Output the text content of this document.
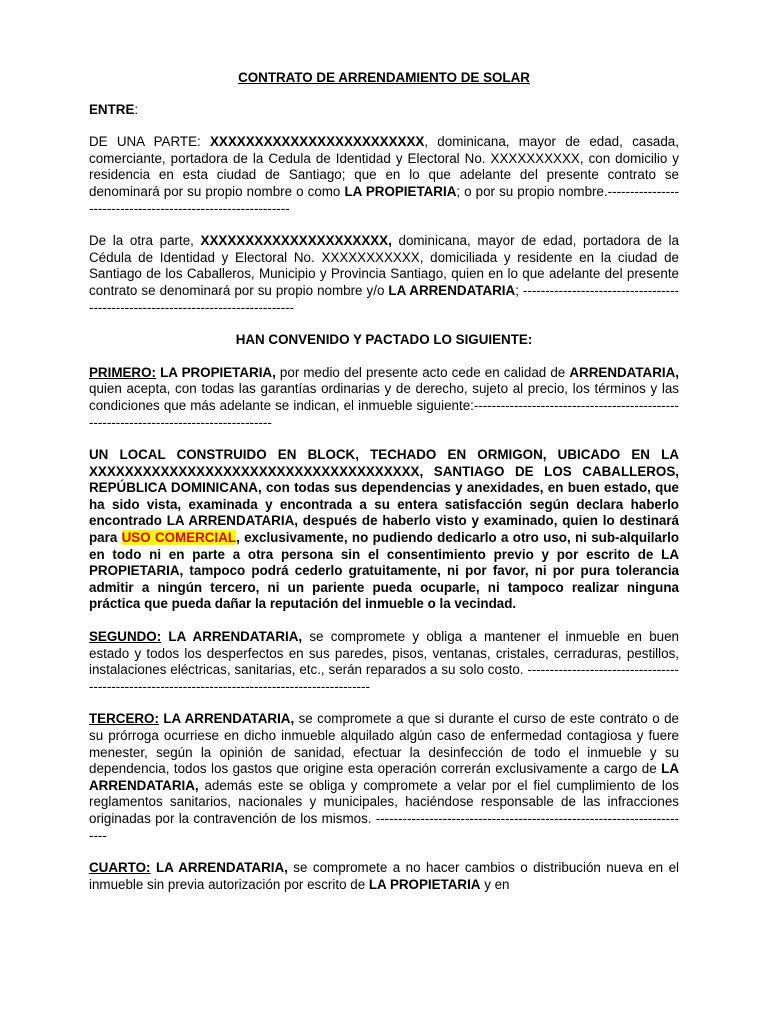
CONTRATO DE ARRENDAMIENTO DE SOLAR

ENTRE:

DE UNA PARTE: XXXXXXXXXXXXXXXXXXXXXXXX, dominicana, mayor de edad, casada, comerciante, portadora de la Cedula de Identidad y Electoral No. XXXXXXXXXX, con domicilio y residencia en esta ciudad de Santiago; que en lo que adelante del presente contrato se denominará por su propio nombre o como LA PROPIETARIA; o por su propio nombre.-------------------------------------------------------------

De la otra parte, XXXXXXXXXXXXXXXXXXXXX, dominicana, mayor de edad, portadora de la Cédula de Identidad y Electoral No. XXXXXXXXXXX, domiciliada y residente en la ciudad de Santiago de los Caballeros, Municipio y Provincia Santiago, quien en lo que adelante del presente contrato se denominará por su propio nombre y/o LA ARRENDATARIA; ---------------------------------------------------------------------------------

HAN CONVENIDO Y PACTADO LO SIGUIENTE:

PRIMERO: LA PROPIETARIA, por medio del presente acto cede en calidad de ARRENDATARIA, quien acepta, con todas las garantías ordinarias y de derecho, sujeto al precio, los términos y las condiciones que más adelante se indican, el inmueble siguiente:---------------------------------------------------------------------------------------

UN LOCAL CONSTRUIDO EN BLOCK, TECHADO EN ORMIGON, UBICADO EN LA XXXXXXXXXXXXXXXXXXXXXXXXXXXXXXXXXXXXX, SANTIAGO DE LOS CABALLEROS, REPÚBLICA DOMINICANA, con todas sus dependencias y anexidades, en buen estado, que ha sido vista, examinada y encontrada a su entera satisfacción según declara haberlo encontrado LA ARRENDATARIA, después de haberlo visto y examinado, quien lo destinará para USO COMERCIAL, exclusivamente, no pudiendo dedicarlo a otro uso, ni sub-alquilarlo en todo ni en parte a otra persona sin el consentimiento previo y por escrito de LA PROPIETARIA, tampoco podrá cederlo gratuitamente, ni por favor, ni por pura tolerancia admitir a ningún tercero, ni un pariente pueda ocuparle, ni tampoco realizar ninguna práctica que pueda dañar la reputación del inmueble o la vecindad.

SEGUNDO: LA ARRENDATARIA, se compromete y obliga a mantener el inmueble en buen estado y todos los desperfectos en sus paredes, pisos, ventanas, cristales, cerraduras, pestillos, instalaciones eléctricas, sanitarias, etc., serán reparados a su solo costo. -------------------------------------------------------------------------------------------------

TERCERO: LA ARRENDATARIA, se compromete a que si durante el curso de este contrato o de su prórroga ocurriese en dicho inmueble alquilado algún caso de enfermedad contagiosa y fuere menester, según la opinión de sanidad, efectuar la desinfección de todo el inmueble y su dependencia, todos los gastos que origine esta operación correrán exclusivamente a cargo de LA ARRENDATARIA, además este se obliga y compromete a velar por el fiel cumplimiento de los reglamentos sanitarios, nacionales y municipales, haciéndose responsable de las infracciones originadas por la contravención de los mismos. ------------------------------------------------------------------------

CUARTO: LA ARRENDATARIA, se compromete a no hacer cambios o distribución nueva en el inmueble sin previa autorización por escrito de LA PROPIETARIA y en
